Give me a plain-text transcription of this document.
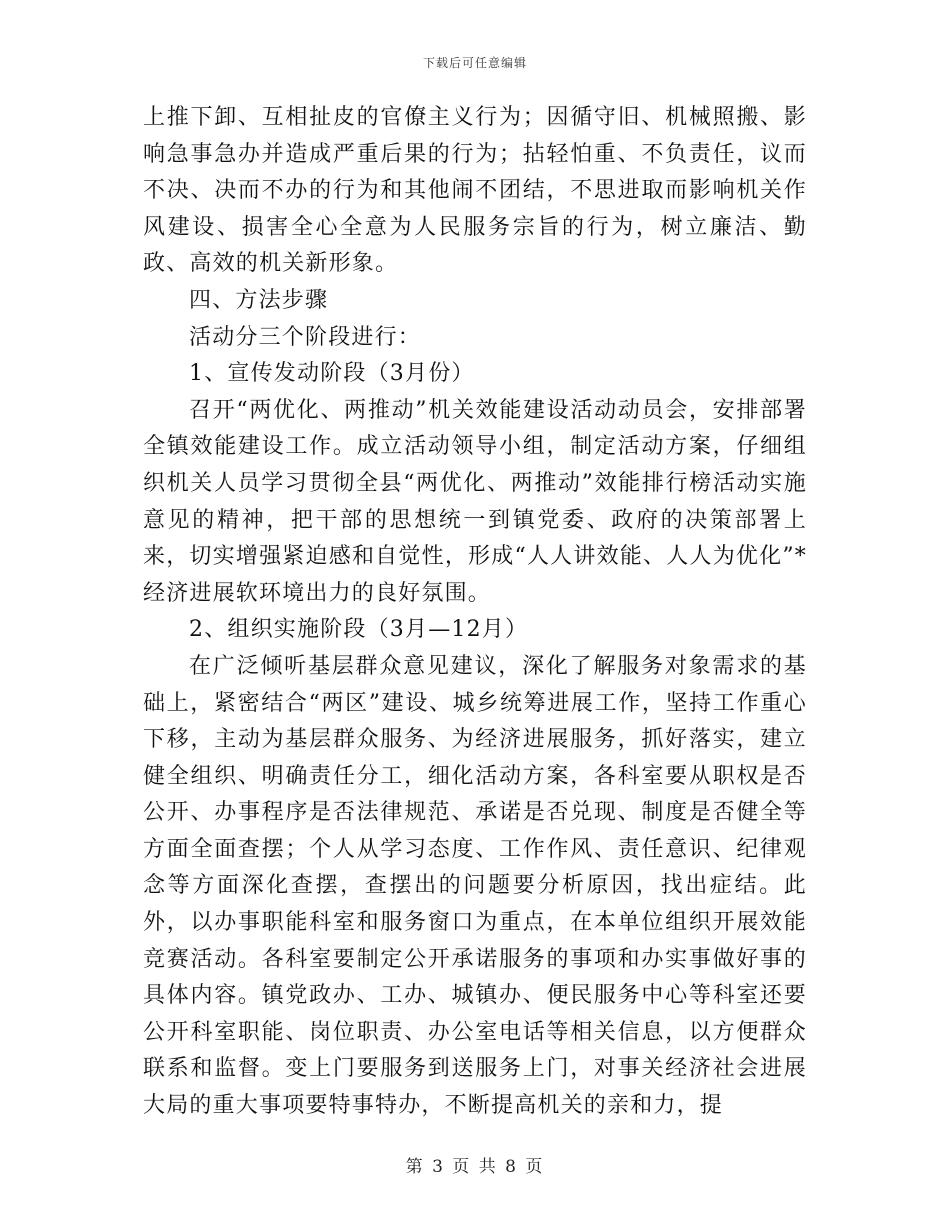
下载后可任意编辑

上推下卸、互相扯皮的官僚主义行为；因循守旧、机械照搬、影响急事急办并造成严重后果的行为；拈轻怕重、不负责任，议而不决、决而不办的行为和其他闹不团结，不思进取而影响机关作风建设、损害全心全意为人民服务宗旨的行为，树立廉洁、勤政、高效的机关新形象。

四、方法步骤

活动分三个阶段进行：

1、宣传发动阶段（3月份）

召开“两优化、两推动”机关效能建设活动动员会，安排部署全镇效能建设工作。成立活动领导小组，制定活动方案，仔细组织机关人员学习贯彻全县“两优化、两推动”效能排行榜活动实施意见的精神，把干部的思想统一到镇党委、政府的决策部署上来，切实增强紧迫感和自觉性，形成“人人讲效能、人人为优化”*经济进展软环境出力的良好氛围。

2、组织实施阶段（3月—12月）

在广泛倾听基层群众意见建议，深化了解服务对象需求的基础上，紧密结合“两区”建设、城乡统筹进展工作，坚持工作重心下移，主动为基层群众服务、为经济进展服务，抓好落实，建立健全组织、明确责任分工，细化活动方案，各科室要从职权是否公开、办事程序是否法律规范、承诺是否兑现、制度是否健全等方面全面查摆；个人从学习态度、工作作风、责任意识、纪律观念等方面深化查摆，查摆出的问题要分析原因，找出症结。此外，以办事职能科室和服务窗口为重点，在本单位组织开展效能竞赛活动。各科室要制定公开承诺服务的事项和办实事做好事的具体内容。镇党政办、工办、城镇办、便民服务中心等科室还要公开科室职能、岗位职责、办公室电话等相关信息，以方便群众联系和监督。变上门要服务到送服务上门，对事关经济社会进展大局的重大事项要特事特办，不断提高机关的亲和力，提

第 3 页 共 8 页
